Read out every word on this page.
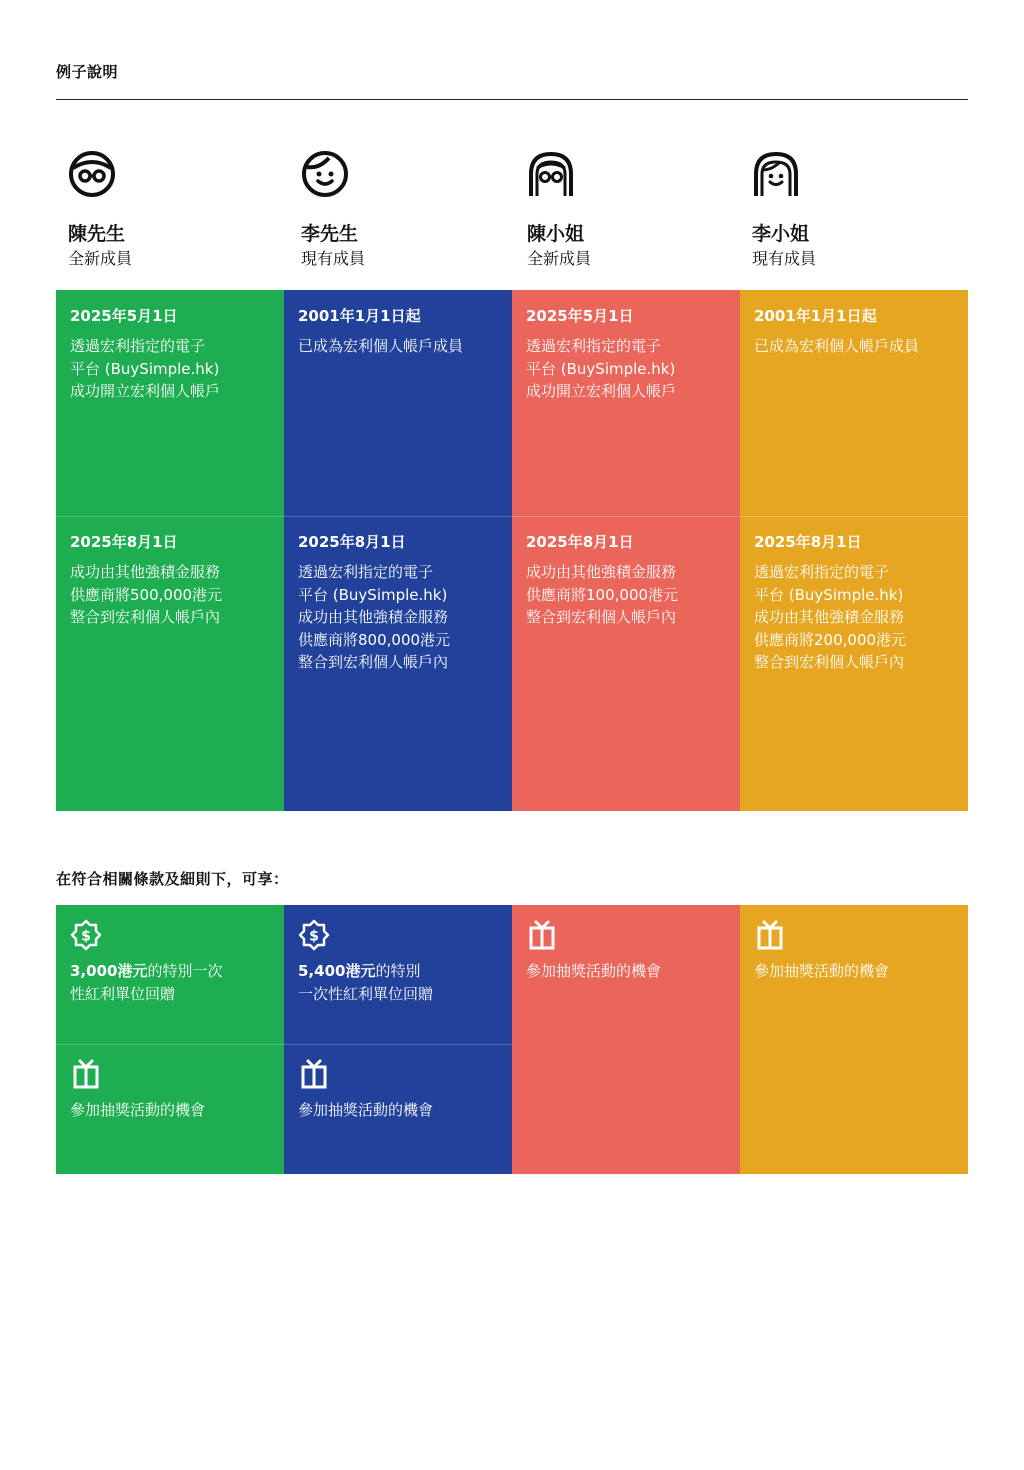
例子說明
陳先生
全新成員
李先生
現有成員
陳小姐
全新成員
李小姐
現有成員
2025年5月1日
透過宏利指定的電子
平台 (BuySimple.hk)
成功開立宏利個人帳戶
2001年1月1日起
已成為宏利個人帳戶成員
2025年5月1日
透過宏利指定的電子
平台 (BuySimple.hk)
成功開立宏利個人帳戶
2001年1月1日起
已成為宏利個人帳戶成員
2025年8月1日
成功由其他強積金服務
供應商將500,000港元
整合到宏利個人帳戶內
2025年8月1日
透過宏利指定的電子
平台 (BuySimple.hk)
成功由其他強積金服務
供應商將800,000港元
整合到宏利個人帳戶內
2025年8月1日
成功由其他強積金服務
供應商將100,000港元
整合到宏利個人帳戶內
2025年8月1日
透過宏利指定的電子
平台 (BuySimple.hk)
成功由其他強積金服務
供應商將200,000港元
整合到宏利個人帳戶內
在符合相關條款及細則下，可享：
$
3,000港元的特別一次
性紅利單位回贈
$
5,400港元的特別
一次性紅利單位回贈
參加抽獎活動的機會	參加抽獎活動的機會
參加抽獎活動的機會	參加抽獎活動的機會
